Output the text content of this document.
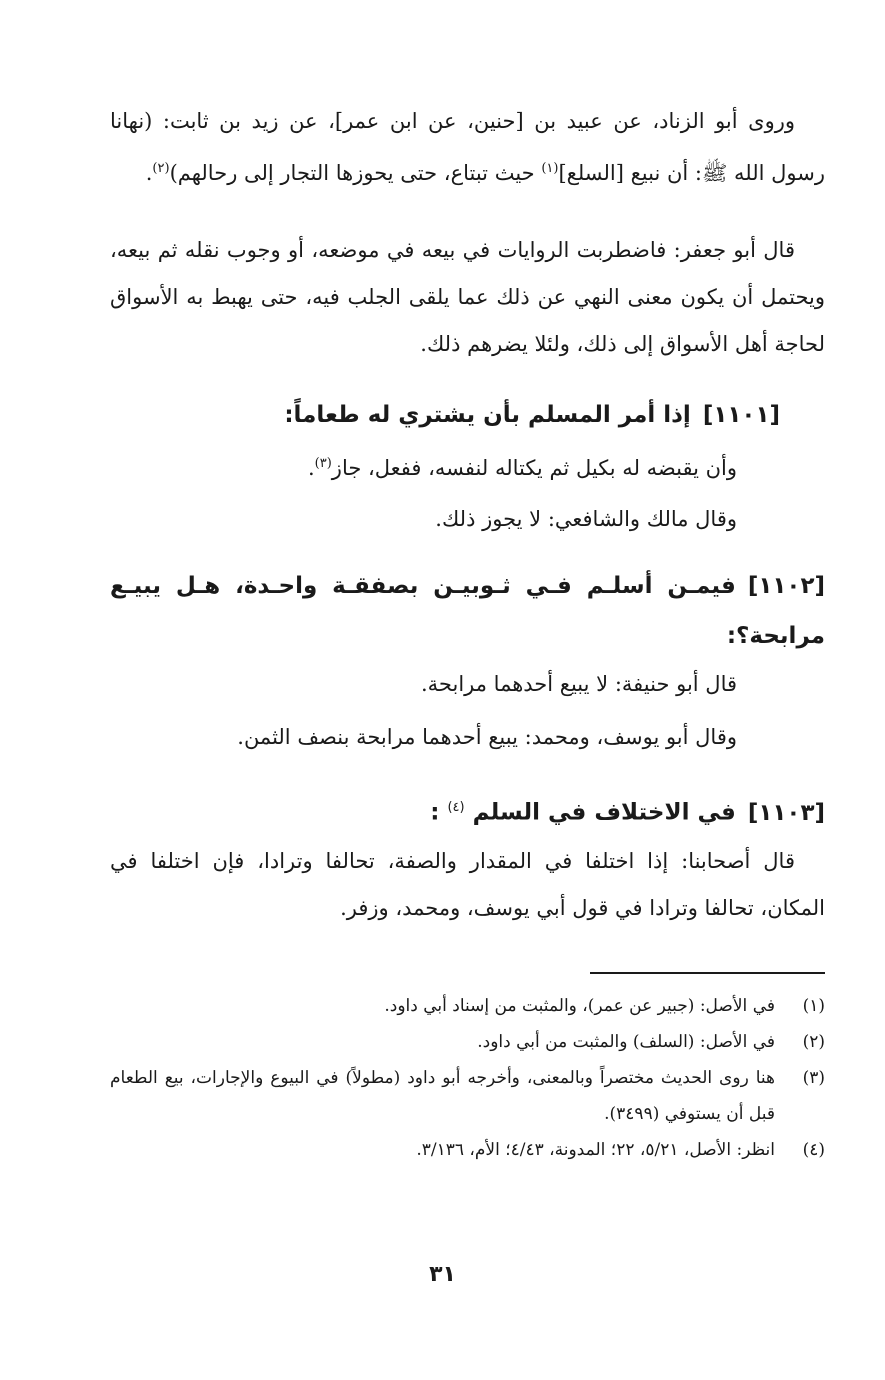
وروى أبو الزناد، عن عبيد بن [حنين، عن ابن عمر]، عن زيد بن ثابت: (نهانا رسول الله ﷺ: أن نبيع [السلع]$^{(١)}$ حيث تبتاع، حتى يحوزها التجار إلى رحالهم)$^{(٢)}$.

قال أبو جعفر: فاضطربت الروايات في بيعه في موضعه، أو وجوب نقله ثم بيعه، ويحتمل أن يكون معنى النهي عن ذلك عما يلقى الجلب فيه، حتى يهبط به الأسواق لحاجة أهل الأسواق إلى ذلك، ولئلا يضرهم ذلك.

[١١٠١]إذا أمر المسلم بأن يشتري له طعاماً:

وأن يقبضه له بكيل ثم يكتاله لنفسه، ففعل، جاز$^{(٣)}$.

وقال مالك والشافعي: لا يجوز ذلك.

[١١٠٢]فيمـن أسلـم فـي ثـوبيـن بصفقـة واحـدة، هـل يبيـع مرابحة؟:

قال أبو حنيفة: لا يبيع أحدهما مرابحة.

وقال أبو يوسف، ومحمد: يبيع أحدهما مرابحة بنصف الثمن.

[١١٠٣]في الاختلاف في السلم $^{(٤)}$ :

قال أصحابنا: إذا اختلفا في المقدار والصفة، تحالفا وترادا، فإن اختلفا في المكان، تحالفا وترادا في قول أبي يوسف، ومحمد، وزفر.

(١)
في الأصل: (جبير عن عمر)، والمثبت من إسناد أبي داود.
(٢)
في الأصل: (السلف) والمثبت من أبي داود.
(٣)
هنا روى الحديث مختصراً وبالمعنى، وأخرجه أبو داود (مطولاً) في البيوع والإجارات، بيع الطعام قبل أن يستوفي (٣٤٩٩).
(٤)
انظر: الأصل، ٥/٢١، ٢٢؛ المدونة، ٤/٤٣؛ الأم، ٣/١٣٦.
٣١
